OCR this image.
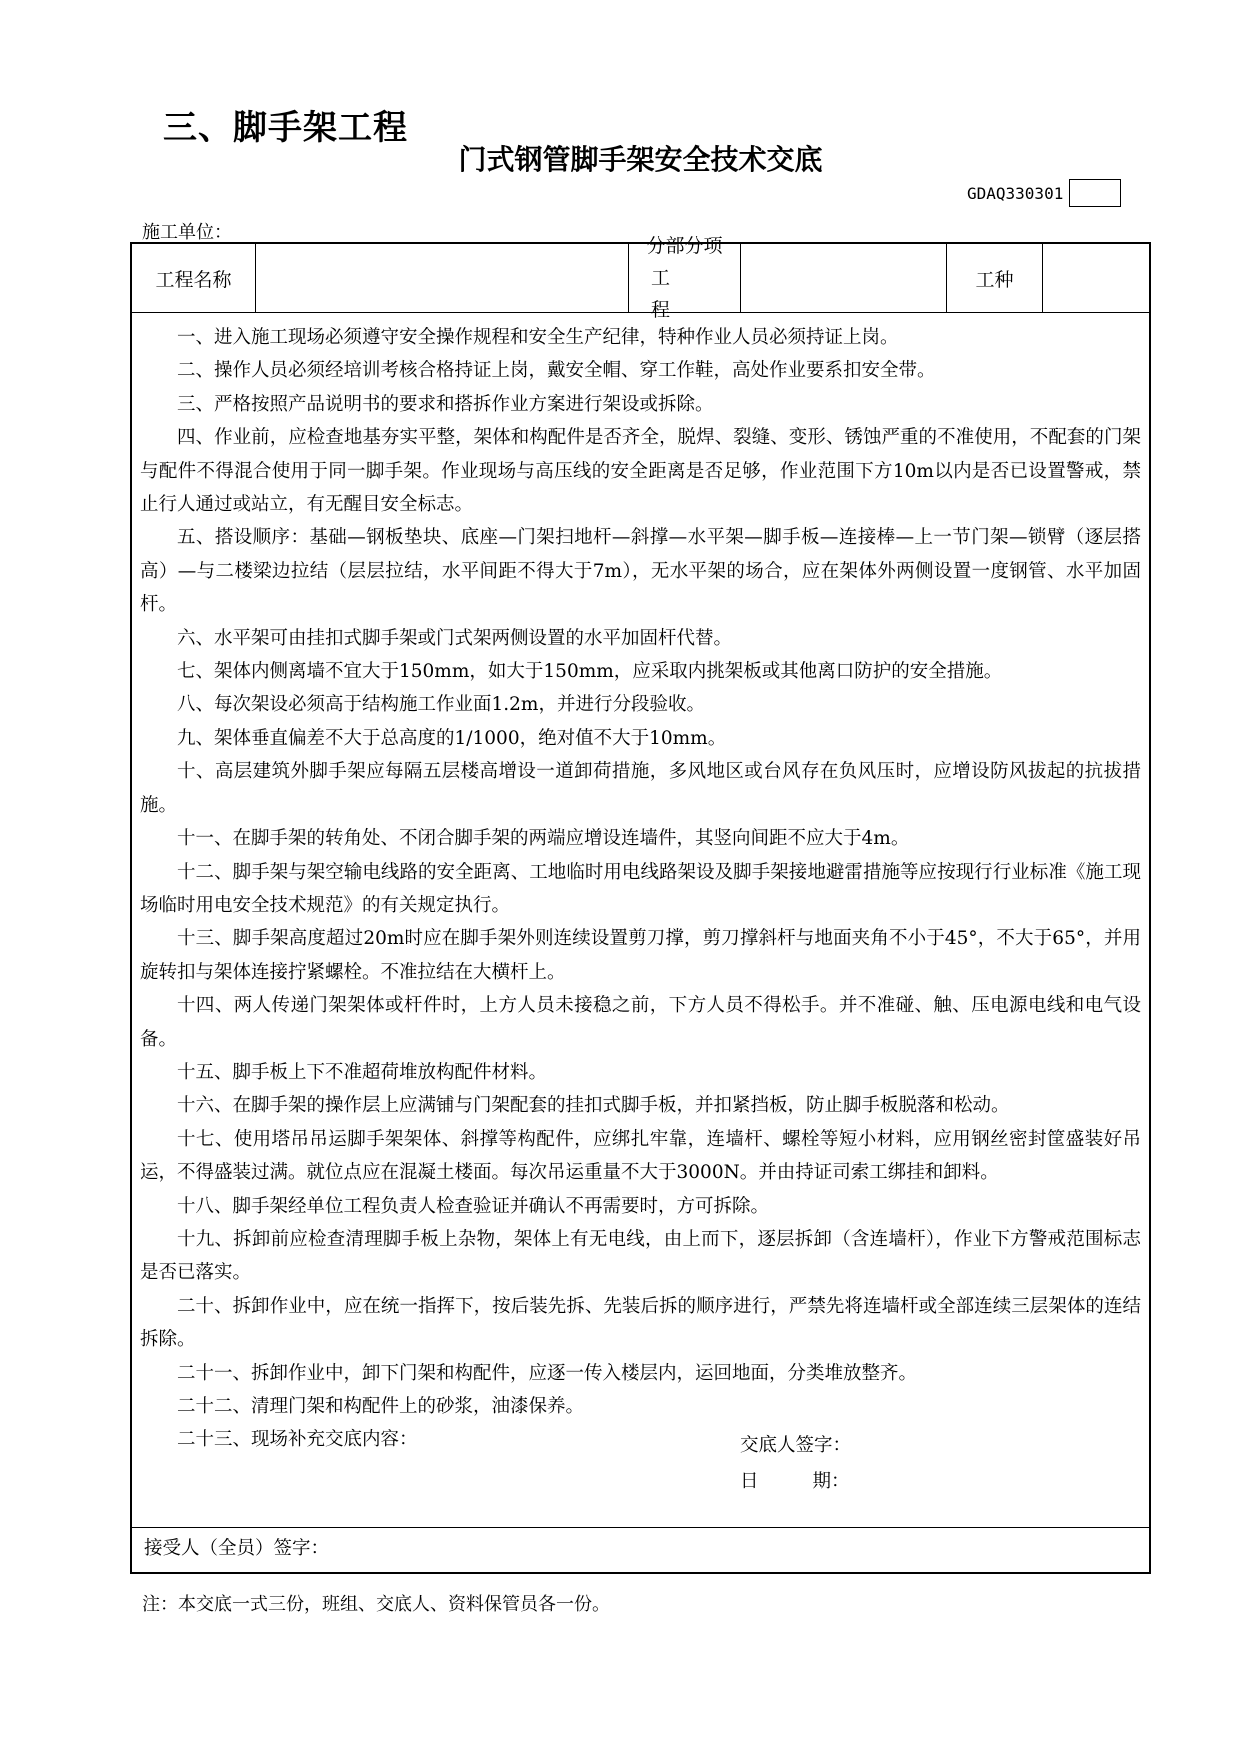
三、脚手架工程
门式钢管脚手架安全技术交底
GDAQ330301
施工单位：
工程名称
分部分项
工程
工种
一、进入施工现场必须遵守安全操作规程和安全生产纪律，特种作业人员必须持证上岗。
二、操作人员必须经培训考核合格持证上岗，戴安全帽、穿工作鞋，高处作业要系扣安全带。
三、严格按照产品说明书的要求和搭拆作业方案进行架设或拆除。
四、作业前，应检查地基夯实平整，架体和构配件是否齐全，脱焊、裂缝、变形、锈蚀严重的不准使用，不配套的门架与配件不得混合使用于同一脚手架。作业现场与高压线的安全距离是否足够，作业范围下方10m以内是否已设置警戒，禁止行人通过或站立，有无醒目安全标志。
五、搭设顺序：基础—钢板垫块、底座—门架扫地杆—斜撑—水平架—脚手板—连接棒—上一节门架—锁臂（逐层搭高）—与二楼梁边拉结（层层拉结，水平间距不得大于7m），无水平架的场合，应在架体外两侧设置一度钢管、水平加固杆。
六、水平架可由挂扣式脚手架或门式架两侧设置的水平加固杆代替。
七、架体内侧离墙不宜大于150mm，如大于150mm，应采取内挑架板或其他离口防护的安全措施。
八、每次架设必须高于结构施工作业面1.2m，并进行分段验收。
九、架体垂直偏差不大于总高度的1/1000，绝对值不大于10mm。
十、高层建筑外脚手架应每隔五层楼高增设一道卸荷措施，多风地区或台风存在负风压时，应增设防风拔起的抗拔措施。
十一、在脚手架的转角处、不闭合脚手架的两端应增设连墙件，其竖向间距不应大于4m。
十二、脚手架与架空输电线路的安全距离、工地临时用电线路架设及脚手架接地避雷措施等应按现行行业标准《施工现场临时用电安全技术规范》的有关规定执行。
十三、脚手架高度超过20m时应在脚手架外则连续设置剪刀撑，剪刀撑斜杆与地面夹角不小于45°，不大于65°，并用旋转扣与架体连接拧紧螺栓。不准拉结在大横杆上。
十四、两人传递门架架体或杆件时，上方人员未接稳之前，下方人员不得松手。并不准碰、触、压电源电线和电气设备。
十五、脚手板上下不准超荷堆放构配件材料。
十六、在脚手架的操作层上应满铺与门架配套的挂扣式脚手板，并扣紧挡板，防止脚手板脱落和松动。
十七、使用塔吊吊运脚手架架体、斜撑等构配件，应绑扎牢靠，连墙杆、螺栓等短小材料，应用钢丝密封筐盛装好吊运，不得盛装过满。就位点应在混凝土楼面。每次吊运重量不大于3000N。并由持证司索工绑挂和卸料。
十八、脚手架经单位工程负责人检查验证并确认不再需要时，方可拆除。
十九、拆卸前应检查清理脚手板上杂物，架体上有无电线，由上而下，逐层拆卸（含连墙杆），作业下方警戒范围标志是否已落实。
二十、拆卸作业中，应在统一指挥下，按后装先拆、先装后拆的顺序进行，严禁先将连墙杆或全部连续三层架体的连结拆除。
二十一、拆卸作业中，卸下门架和构配件，应逐一传入楼层内，运回地面，分类堆放整齐。
二十二、清理门架和构配件上的砂浆，油漆保养。
二十三、现场补充交底内容：	交底人签字：
日	期：
接受人（全员）签字：
注：本交底一式三份，班组、交底人、资料保管员各一份。
